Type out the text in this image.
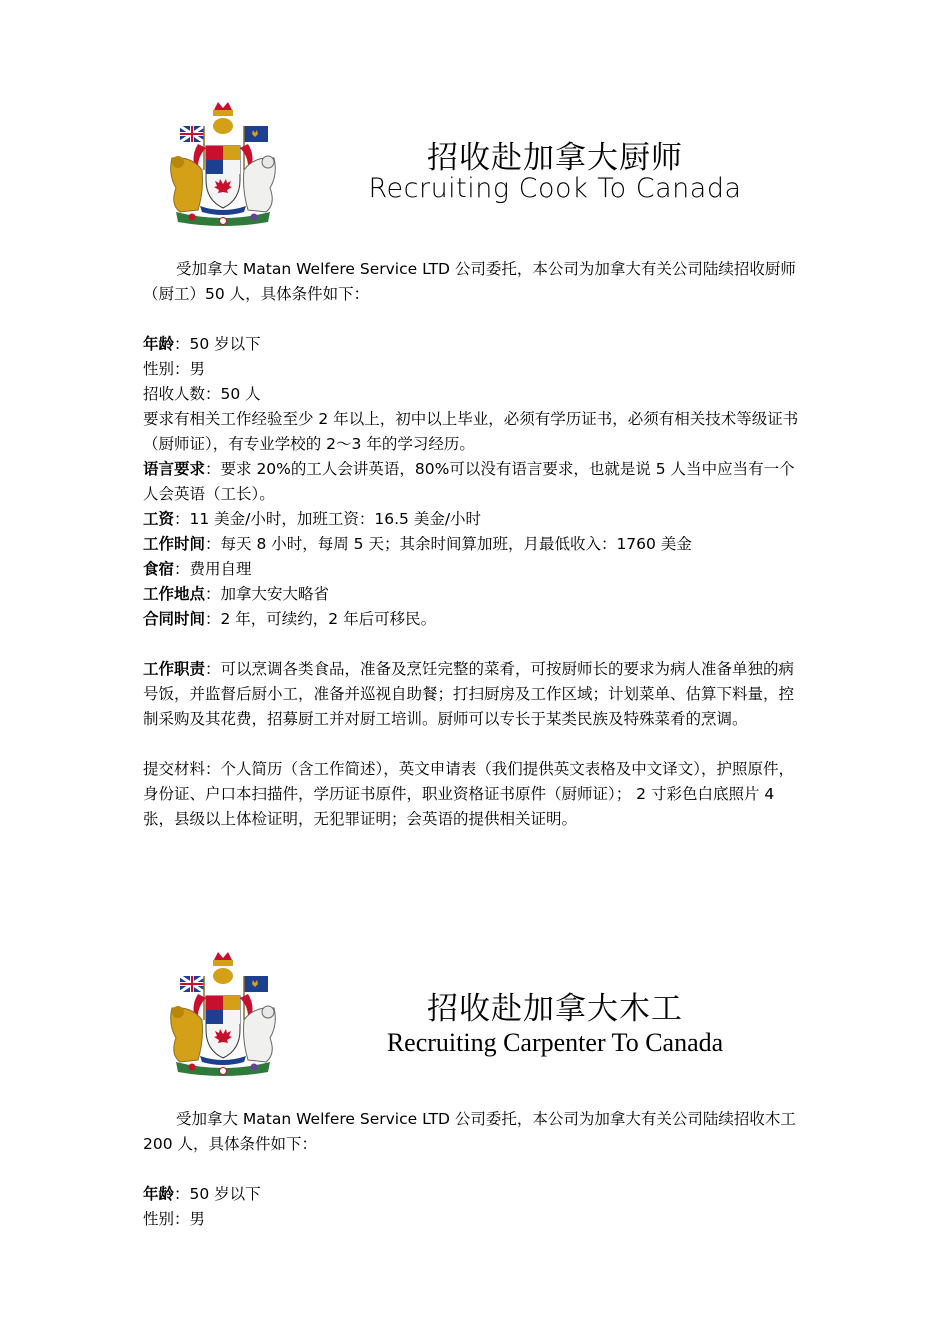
招收赴加拿大厨师
Recruiting Cook To Canada

受加拿大 Matan Welfere Service LTD 公司委托，本公司为加拿大有关公司陆续招收厨师（厨工）50 人，具体条件如下：

年龄：50 岁以下

性别：男

招收人数：50 人

要求有相关工作经验至少 2 年以上，初中以上毕业，必须有学历证书，必须有相关技术等级证书（厨师证），有专业学校的 2～3 年的学习经历。

语言要求：要求 20%的工人会讲英语，80%可以没有语言要求，也就是说 5 人当中应当有一个人会英语（工长）。

工资：11 美金/小时，加班工资：16.5 美金/小时

工作时间：每天 8 小时，每周 5 天；其余时间算加班，月最低收入：1760 美金

食宿：费用自理

工作地点：加拿大安大略省

合同时间：2 年，可续约，2 年后可移民。

工作职责：可以烹调各类食品，准备及烹饪完整的菜肴，可按厨师长的要求为病人准备单独的病号饭，并监督后厨小工，准备并巡视自助餐；打扫厨房及工作区域；计划菜单、估算下料量，控制采购及其花费，招募厨工并对厨工培训。厨师可以专长于某类民族及特殊菜肴的烹调。

提交材料：个人简历（含工作简述），英文申请表（我们提供英文表格及中文译文），护照原件，身份证、户口本扫描件，学历证书原件，职业资格证书原件（厨师证）； 2 寸彩色白底照片 4 张，县级以上体检证明，无犯罪证明；会英语的提供相关证明。

招收赴加拿大木工
Recruiting Carpenter To Canada

受加拿大 Matan Welfere Service LTD 公司委托，本公司为加拿大有关公司陆续招收木工 200 人，具体条件如下：

年龄：50 岁以下

性别：男
